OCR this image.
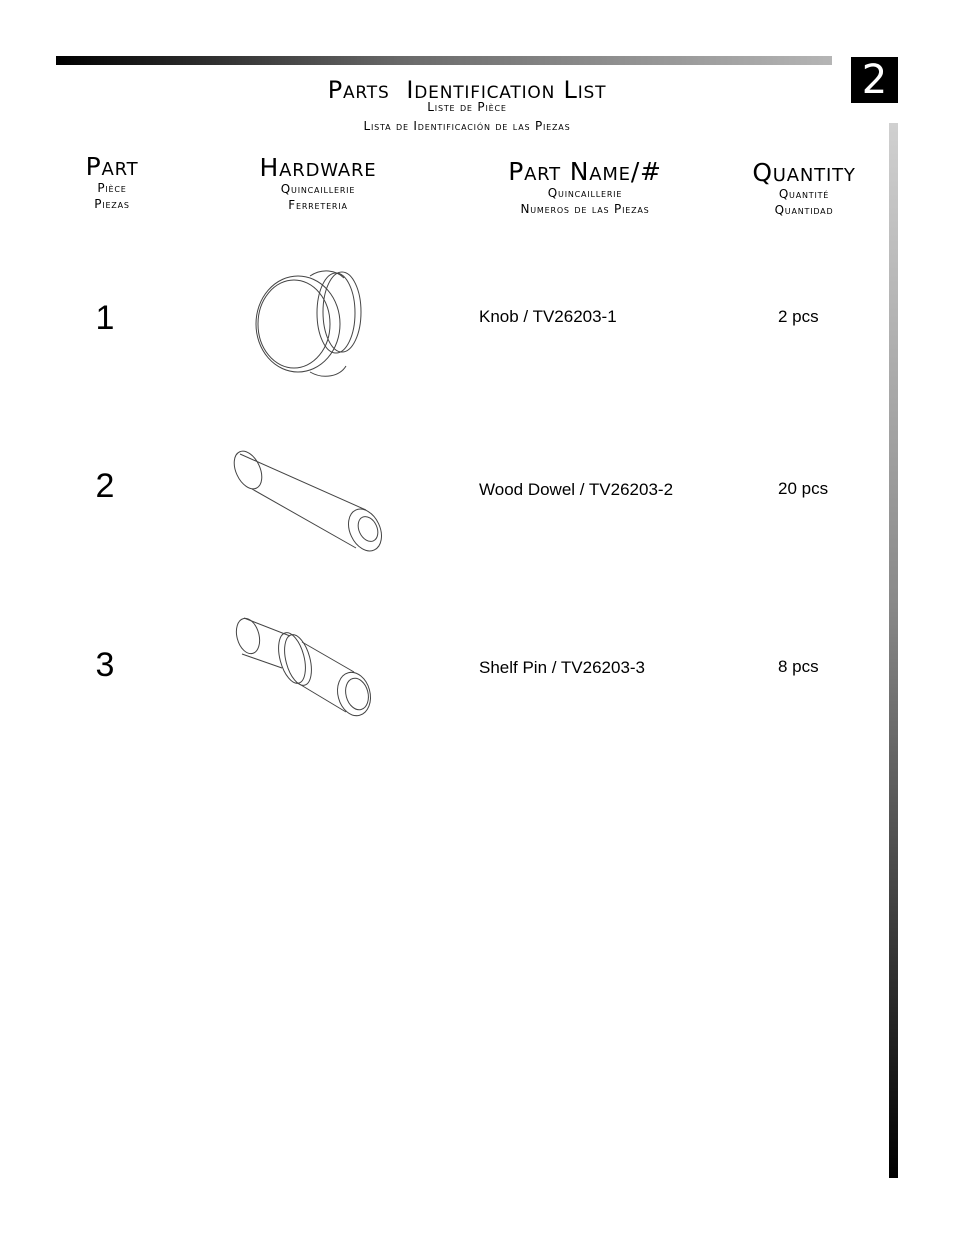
2
Parts  Identification List
Liste de Pièce
Lista de Identificación de las Piezas
Part
Pièce
Piezas
Hardware
Quincaillerie
Ferreteria
Part Name/#
Quincaillerie
Numeros de las Piezas
Quantity
Quantité
Quantidad
1	Knob / TV26203-1	2 pcs
2	Wood Dowel / TV26203-2	20 pcs
3	Shelf Pin / TV26203-3	8 pcs
